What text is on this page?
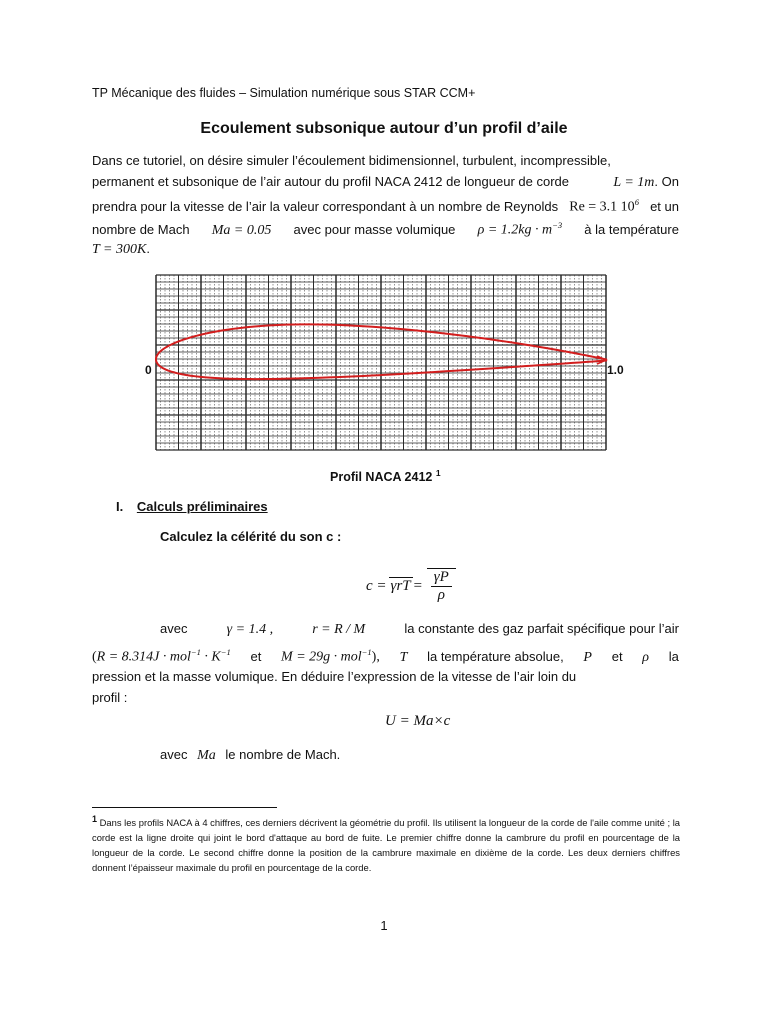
TP Mécanique des fluides – Simulation numérique sous STAR CCM+
Ecoulement subsonique autour d’un profil d’aile
Dans ce tutoriel, on désire simuler l’écoulement bidimensionnel, turbulent, incompressible,
permanent et subsonique de l’air autour du profil NACA 2412 de longueur de corde	L = 1m. On
prendra pour la vitesse de l’air la valeur correspondant à un nombre de Reynolds Re = 3.1 $10^6$ et un
nombre de Mach Ma = 0.05 avec pour masse volumique $\rho = 1.2kg \cdot m^{-3}$ à la température
T = 300K.
0	1.0
Profil NACA 2412 $^1$
I. Calculs préliminaires
Calculez la célérité du son c :
$c = \gamma rT = \frac{\gamma P}{\rho}$
avec	γ = 1.4 ,	r = R / M	la constante des gaz parfait spécifique pour l’air
($R = 8.314J \cdot mol^{-1} \cdot K^{-1}$ et M = 29g · mol$^{-1}$), T la température absolue, P et ρ la
pression et la masse volumique. En déduire l’expression de la vitesse de l’air loin du
profil :
U = Ma×c
avec Ma le nombre de Mach.
1 Dans les profils NACA à 4 chiffres, ces derniers décrivent la géométrie du profil. Ils utilisent la longueur de la corde de l'aile comme unité ; la corde est la ligne droite qui joint le bord d'attaque au bord de fuite. Le premier chiffre donne la cambrure du profil en pourcentage de la longueur de la corde. Le second chiffre donne la position de la cambrure maximale en dixième de la corde. Les deux derniers chiffres donnent l’épaisseur maximale du profil en pourcentage de la corde.
1
